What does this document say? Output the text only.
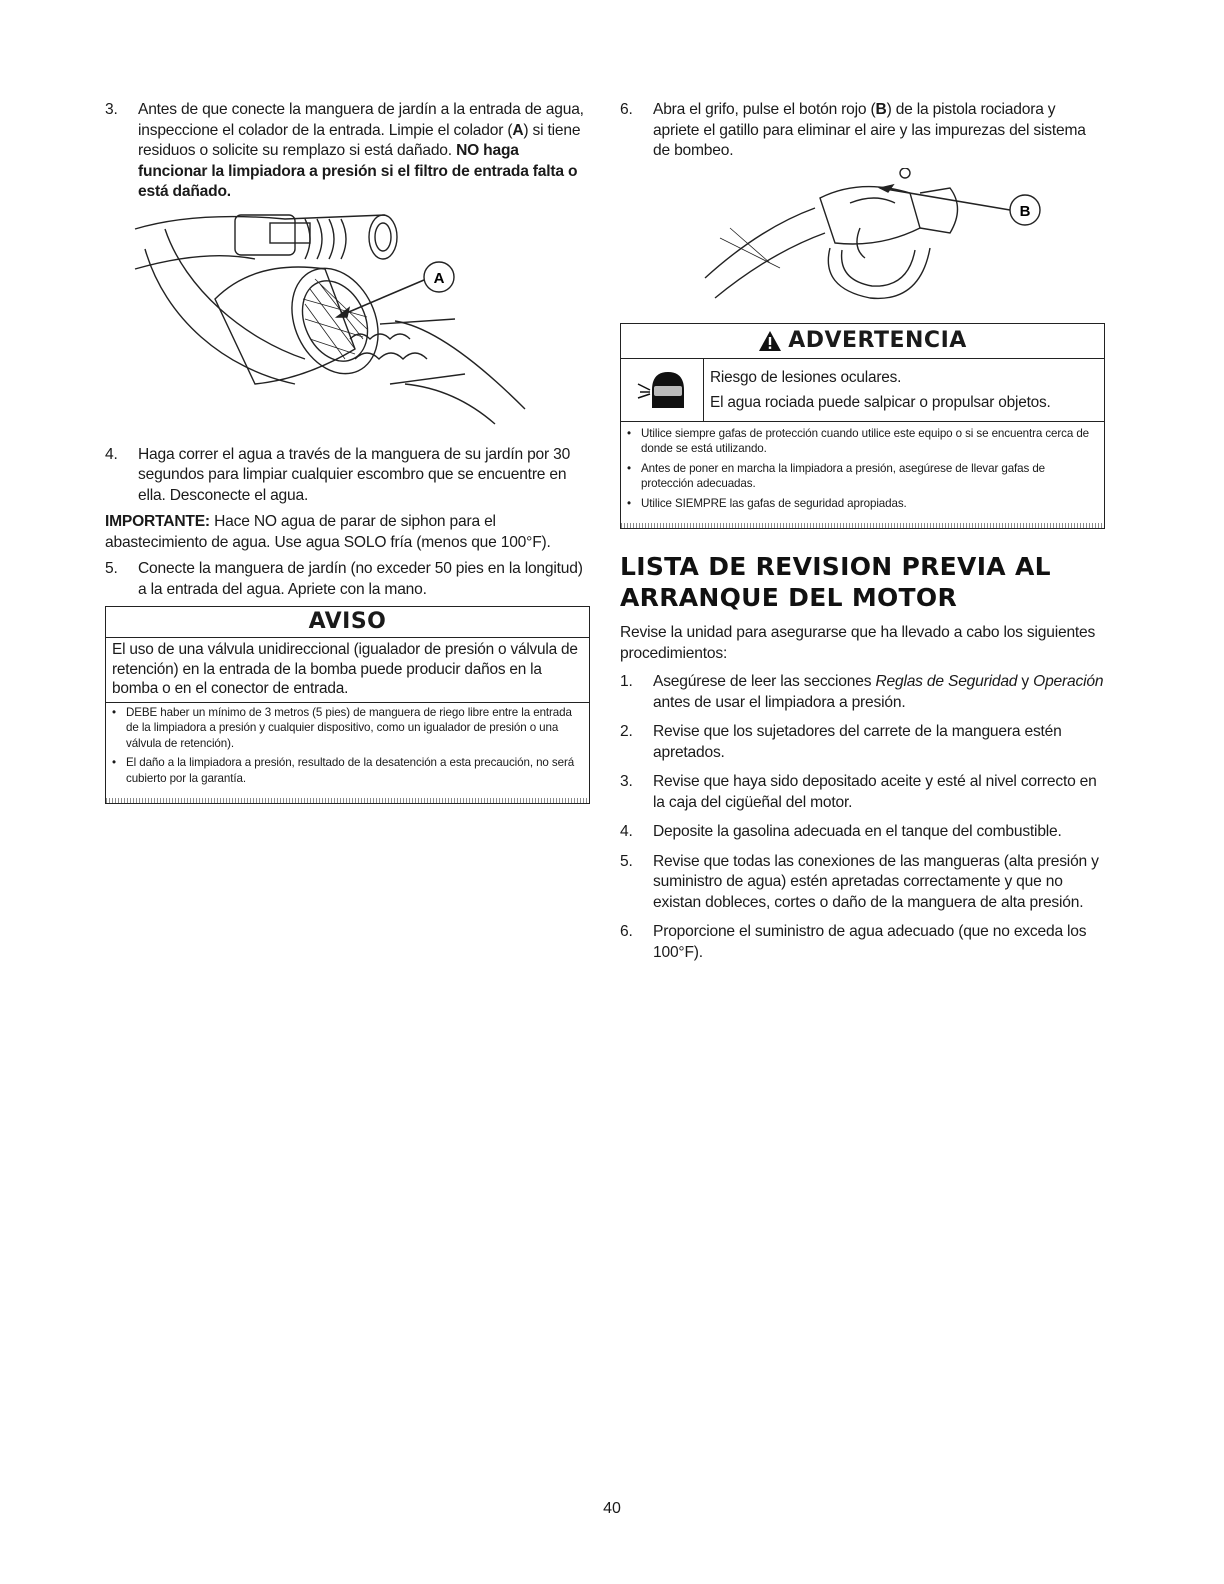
3.	Antes de que conecte la manguera de jardín a la entrada de agua, inspeccione el colador de la entrada. Limpie el colador (A) si tiene residuos o solicite su remplazo si está dañado. NO haga funcionar la limpiadora a presión si el filtro de entrada falta o está dañado.
A
4.	Haga correr el agua a través de la manguera de su jardín por 30 segundos para limpiar cualquier escombro que se encuentre en ella. Desconecte el agua.

IMPORTANTE: Hace NO agua de parar de siphon para el abastecimiento de agua. Use agua SOLO fría (menos que 100°F).

5.	Conecte la manguera de jardín (no exceder 50 pies en la longitud) a la entrada del agua. Apriete con la mano.
AVISO
El uso de una válvula unidireccional (igualador de presión o válvula de retención) en la entrada de la bomba puede producir daños en la bomba o en el conector de entrada.
• DEBE haber un mínimo de 3 metros (5 pies) de manguera de riego libre entre la entrada de la limpiadora a presión y cualquier dispositivo, como un igualador de presión o una válvula de retención).
• El daño a la limpiadora a presión, resultado de la desatención a esta precaución, no será cubierto por la garantía.
6.	Abra el grifo, pulse el botón rojo (B) de la pistola rociadora y apriete el gatillo para eliminar el aire y las impurezas del sistema de bombeo.
B
ADVERTENCIA
Riesgo de lesiones oculares.
El agua rociada puede salpicar o propulsar objetos.
• Utilice siempre gafas de protección cuando utilice este equipo o si se encuentra cerca de donde se está utilizando.
• Antes de poner en marcha la limpiadora a presión, asegúrese de llevar gafas de protección adecuadas.
• Utilice SIEMPRE las gafas de seguridad apropiadas.
LISTA DE REVISION PREVIA AL ARRANQUE DEL MOTOR

Revise la unidad para asegurarse que ha llevado a cabo los siguientes procedimientos:

1.	Asegúrese de leer las secciones Reglas de Seguridad y Operación antes de usar el limpiadora a presión.
2.	Revise que los sujetadores del carrete de la manguera estén apretados.
3.	Revise que haya sido depositado aceite y esté al nivel correcto en la caja del cigüeñal del motor.
4.	Deposite la gasolina adecuada en el tanque del combustible.
5.	Revise que todas las conexiones de las mangueras (alta presión y suministro de agua) estén apretadas correctamente y que no existan dobleces, cortes o daño de la manguera de alta presión.
6.	Proporcione el suministro de agua adecuado (que no exceda los 100°F).
40
